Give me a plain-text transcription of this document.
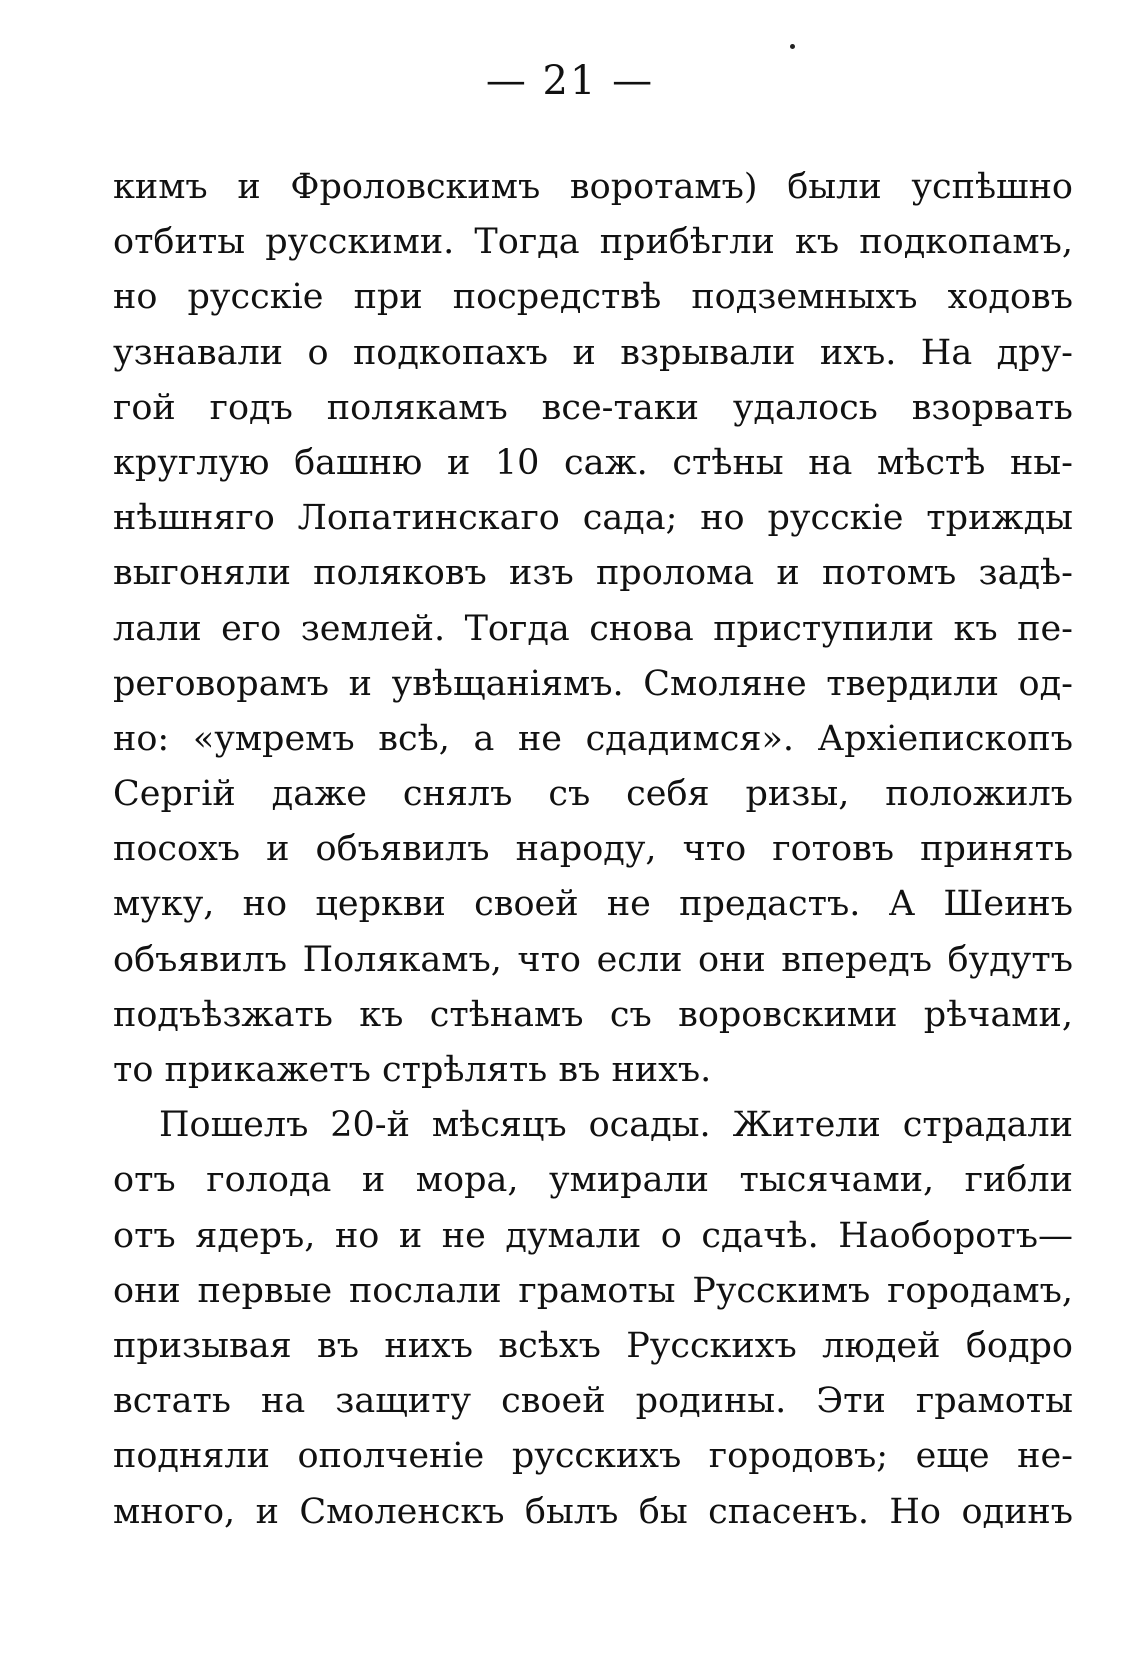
— 21 —
кимъ и Фроловскимъ воротамъ) были успѣшно
отбиты русскими. Тогда прибѣгли къ подкопамъ,
но русскіе при посредствѣ подземныхъ ходовъ
узнавали о подкопахъ и взрывали ихъ. На дру-
гой годъ полякамъ все-таки удалось взорвать
круглую башню и 10 саж. стѣны на мѣстѣ ны-
нѣшняго Лопатинскаго сада; но русскіе трижды
выгоняли поляковъ изъ пролома и потомъ задѣ-
лали его землей. Тогда снова приступили къ пе-
реговорамъ и увѣщаніямъ. Смоляне твердили од-
но: «умремъ всѣ, а не сдадимся». Архіепископъ
Сергій даже снялъ съ себя ризы, положилъ
посохъ и объявилъ народу, что готовъ принять
муку, но церкви своей не предастъ. А Шеинъ
объявилъ Полякамъ, что если они впередъ будутъ
подъѣзжать къ стѣнамъ съ воровскими рѣчами,
то прикажетъ стрѣлять въ нихъ.
Пошелъ 20-й мѣсяцъ осады. Жители страдали
отъ голода и мора, умирали тысячами, гибли
отъ ядеръ, но и не думали о сдачѣ. Наоборотъ—
они первые послали грамоты Русскимъ городамъ,
призывая въ нихъ всѣхъ Русскихъ людей бодро
встать на защиту своей родины. Эти грамоты
подняли ополченіе русскихъ городовъ; еще не-
много, и Смоленскъ былъ бы спасенъ. Но одинъ
